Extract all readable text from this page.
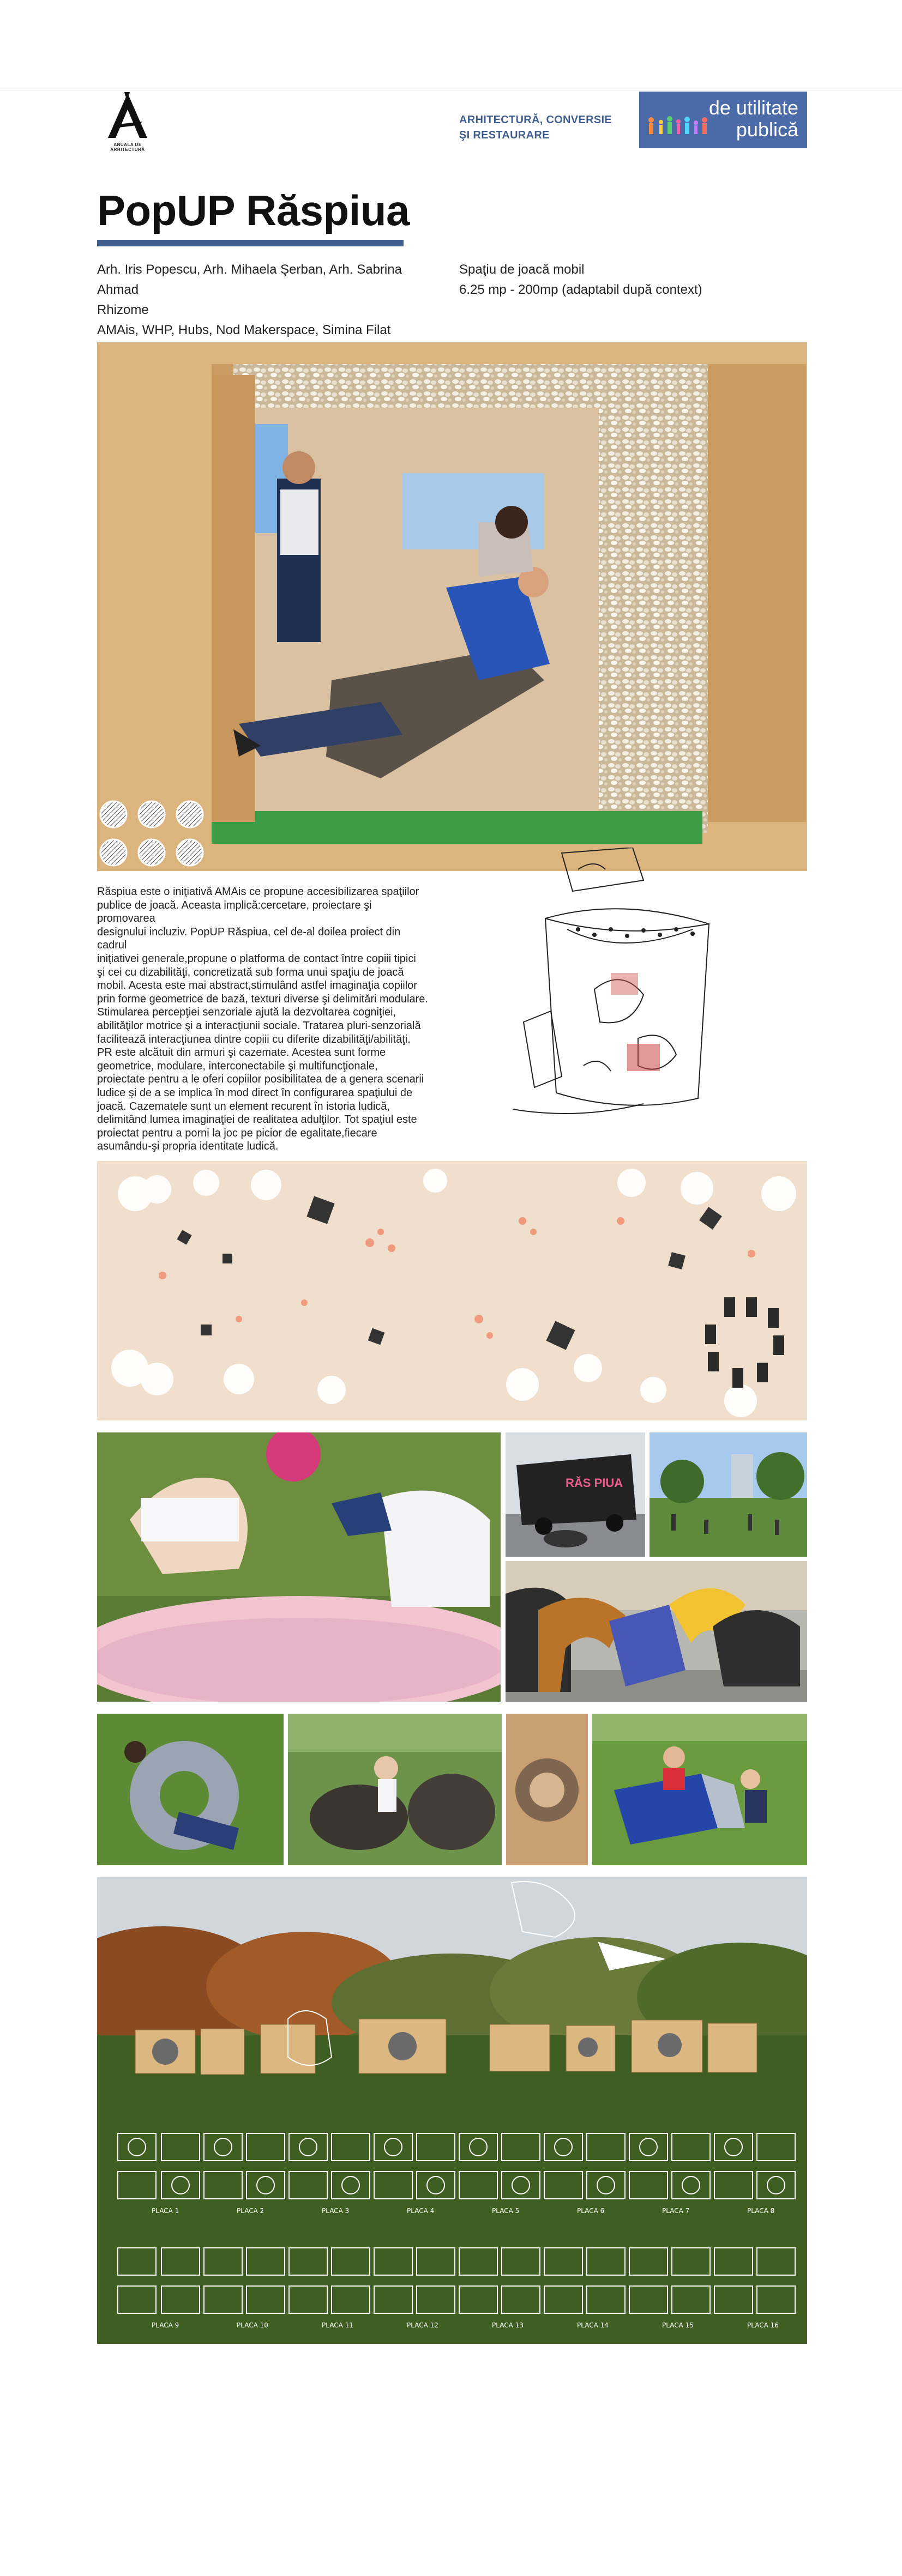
ANUALA DE ARHITECTURĂ
ARHITECTURĂ, CONVERSIE
ŞI RESTAURARE
de utilitate
publică
PopUP Răspiua
Arh. Iris Popescu, Arh. Mihaela Şerban, Arh. Sabrina Ahmad
Rhizome
AMAis, WHP, Hubs, Nod Makerspace, Simina Filat
Spaţiu de joacă mobil
6.25 mp - 200mp (adaptabil după context)
Răspiua este o iniţiativă AMAis ce propune accesibilizarea spaţiilor
publice de joacă. Aceasta implică:cercetare, proiectare şi promovarea
designului incluziv. PopUP Răspiua, cel de-al doilea proiect din cadrul
iniţiativei generale,propune o platforma de contact între copiii tipici
şi cei cu dizabilităţi, concretizată sub forma unui spaţiu de joacă
mobil. Acesta este mai abstract,stimulând astfel imaginaţia copiilor
prin forme geometrice de bază, texturi diverse şi delimitări modulare.
Stimularea percepţiei senzoriale ajută la dezvoltarea cogniţiei,
abilităţilor motrice şi a interacţiunii sociale. Tratarea pluri-senzorială
facilitează interacţiunea dintre copiii cu diferite dizabilităţi/abilităţi.
PR este alcătuit din armuri şi cazemate. Acestea sunt forme
geometrice, modulare, interconectabile şi multifuncţionale,
proiectate pentru a le oferi copiilor posibilitatea de a genera scenarii
ludice şi de a se implica în mod direct în configurarea spaţiului de
joacă. Cazematele sunt un element recurent în istoria ludică,
delimitând lumea imaginaţiei de realitatea adulţilor. Tot spaţiul este
proiectat pentru a porni la joc pe picior de egalitate,fiecare
asumându-şi propria identitate ludică.
RĂS PIUA
PLACA 1	PLACA 2	PLACA 3	PLACA 4	PLACA 5	PLACA 6	PLACA 7	PLACA 8
PLACA 9	PLACA 10	PLACA 11	PLACA 12	PLACA 13	PLACA 14	PLACA 15	PLACA 16
